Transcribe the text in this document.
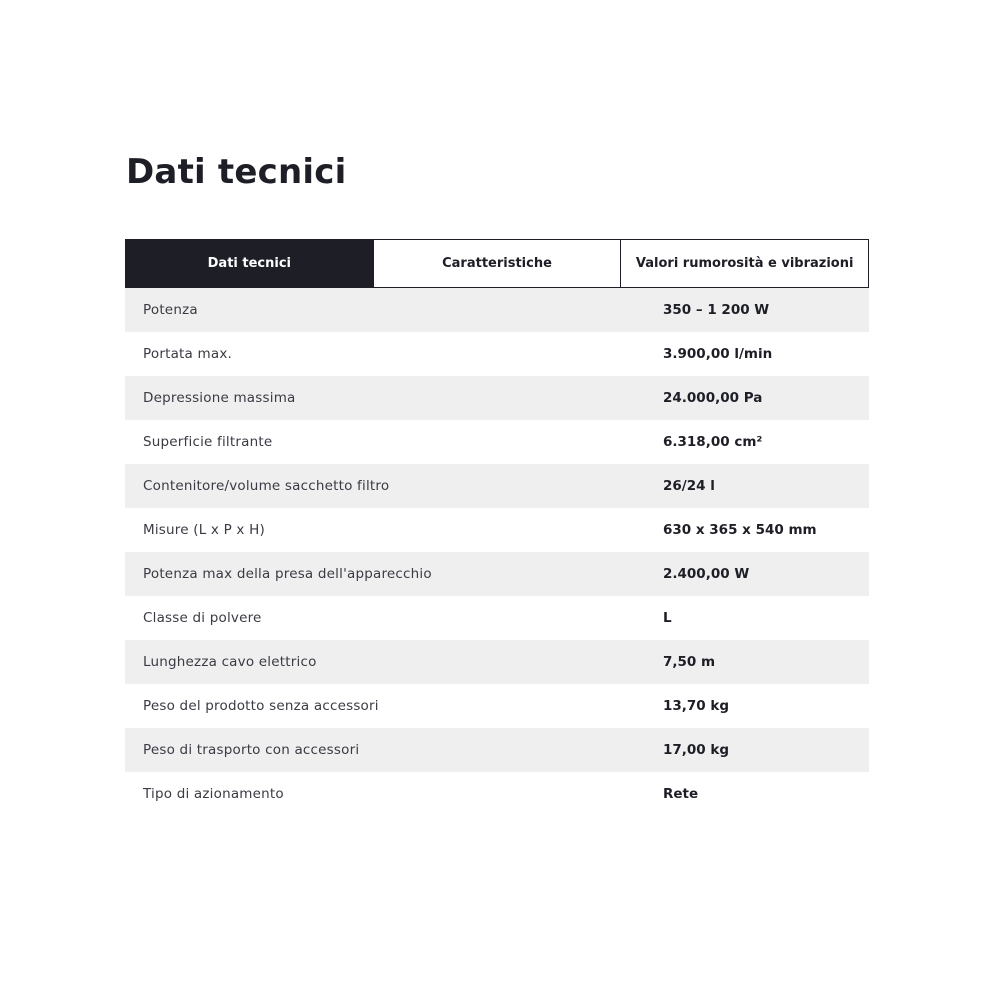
Dati tecnici
Dati tecnici	Caratteristiche	Valori rumorosità e vibrazioni
Potenza	350 – 1 200 W
Portata max.	3.900,00 l/min
Depressione massima	24.000,00 Pa
Superficie filtrante	6.318,00 cm²
Contenitore/volume sacchetto filtro	26/24 l
Misure (L x P x H)	630 x 365 x 540 mm
Potenza max della presa dell'apparecchio	2.400,00 W
Classe di polvere	L
Lunghezza cavo elettrico	7,50 m
Peso del prodotto senza accessori	13,70 kg
Peso di trasporto con accessori	17,00 kg
Tipo di azionamento	Rete
